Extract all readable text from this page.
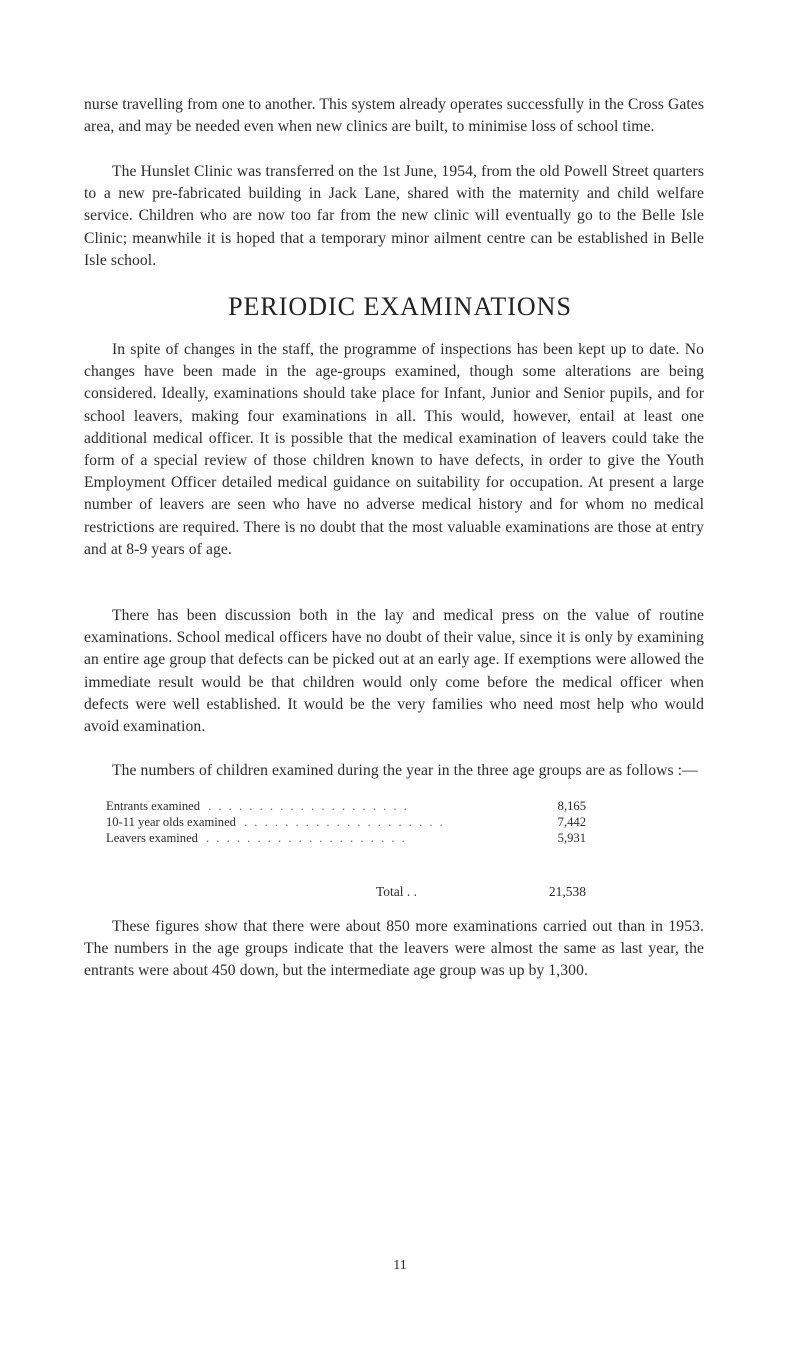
nurse travelling from one to another. This system already operates successfully in the Cross Gates area, and may be needed even when new clinics are built, to minimise loss of school time.

The Hunslet Clinic was transferred on the 1st June, 1954, from the old Powell Street quarters to a new pre-fabricated building in Jack Lane, shared with the maternity and child welfare service. Children who are now too far from the new clinic will eventually go to the Belle Isle Clinic; meanwhile it is hoped that a temporary minor ailment centre can be established in Belle Isle school.

PERIODIC EXAMINATIONS

In spite of changes in the staff, the programme of inspections has been kept up to date. No changes have been made in the age-groups examined, though some alterations are being considered. Ideally, examinations should take place for Infant, Junior and Senior pupils, and for school leavers, making four examinations in all. This would, however, entail at least one additional medical officer. It is possible that the medical examination of leavers could take the form of a special review of those children known to have defects, in order to give the Youth Employment Officer detailed medical guidance on suitability for occupation. At present a large number of leavers are seen who have no adverse medical history and for whom no medical restrictions are required. There is no doubt that the most valuable examinations are those at entry and at 8-9 years of age.

There has been discussion both in the lay and medical press on the value of routine examinations. School medical officers have no doubt of their value, since it is only by examining an entire age group that defects can be picked out at an early age. If exemptions were allowed the immediate result would be that children would only come before the medical officer when defects were well established. It would be the very families who need most help who would avoid examination.

The numbers of children examined during the year in the three age groups are as follows :—

Entrants examined . . . . . . . . . . . . . . . . . . . .	8,165
10-11 year olds examined . . . . . . . . . . . . . . . . . . . .	7,442
Leavers examined . . . . . . . . . . . . . . . . . . . .	5,931
Total . .	21,538

These figures show that there were about 850 more examinations carried out than in 1953. The numbers in the age groups indicate that the leavers were almost the same as last year, the entrants were about 450 down, but the intermediate age group was up by 1,300.

11
